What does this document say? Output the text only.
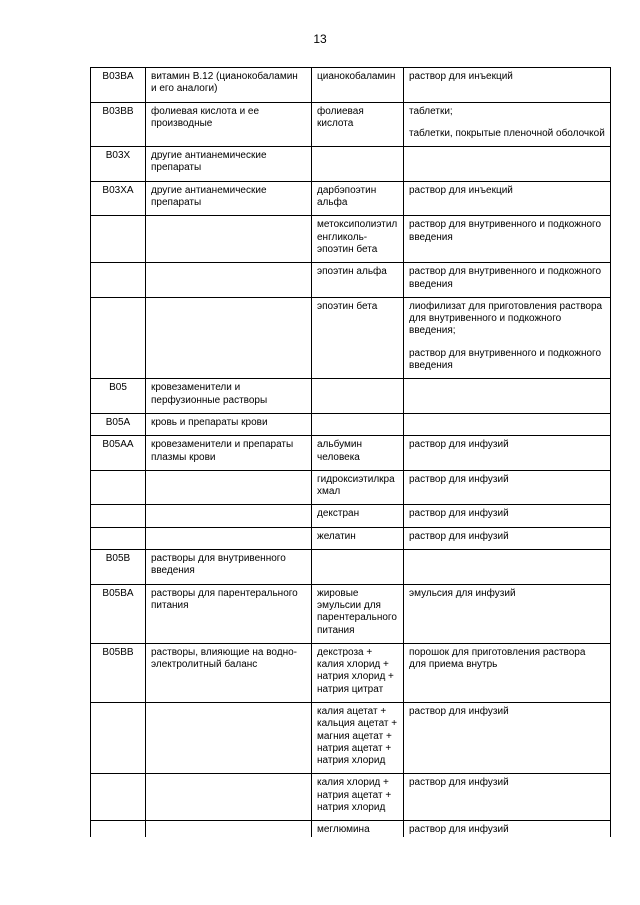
13
B03BA	витамин B.12 (цианокобаламин и его аналоги)	цианокобаламин	раствор для инъекций

B03BB	фолиевая кислота и ее производные	фолиевая кислота	таблетки;
таблетки, покрытые пленочной оболочкой

B03X	другие антианемические препараты		
B03XA	другие антианемические препараты	дарбэпоэтин альфа	раствор для инъекций

		метоксиполиэтиленгликоль-эпоэтин бета	раствор для внутривенного и подкожного введения

		эпоэтин альфа	раствор для внутривенного и подкожного введения

		эпоэтин бета	лиофилизат для приготовления раствора для внутривенного и подкожного введения;
раствор для внутривенного и подкожного введения

B05	кровезаменители и перфузионные растворы		
B05A	кровь и препараты крови		
B05AA	кровезаменители и препараты плазмы крови	альбумин человека	раствор для инфузий

		гидроксиэтилкрахмал	раствор для инфузий

		декстран	раствор для инфузий

		желатин	раствор для инфузий

B05B	растворы для внутривенного введения		
B05BA	растворы для парентерального питания	жировые эмульсии для парентерального питания	эмульсия для инфузий

B05BB	растворы, влияющие на водно-электролитный баланс	декстроза + калия хлорид + натрия хлорид + натрия цитрат	порошок для приготовления раствора для приема внутрь

		калия ацетат + кальция ацетат + магния ацетат + натрия ацетат + натрия хлорид	раствор для инфузий

		калия хлорид + натрия ацетат + натрия хлорид	раствор для инфузий

		меглюмина	раствор для инфузий
